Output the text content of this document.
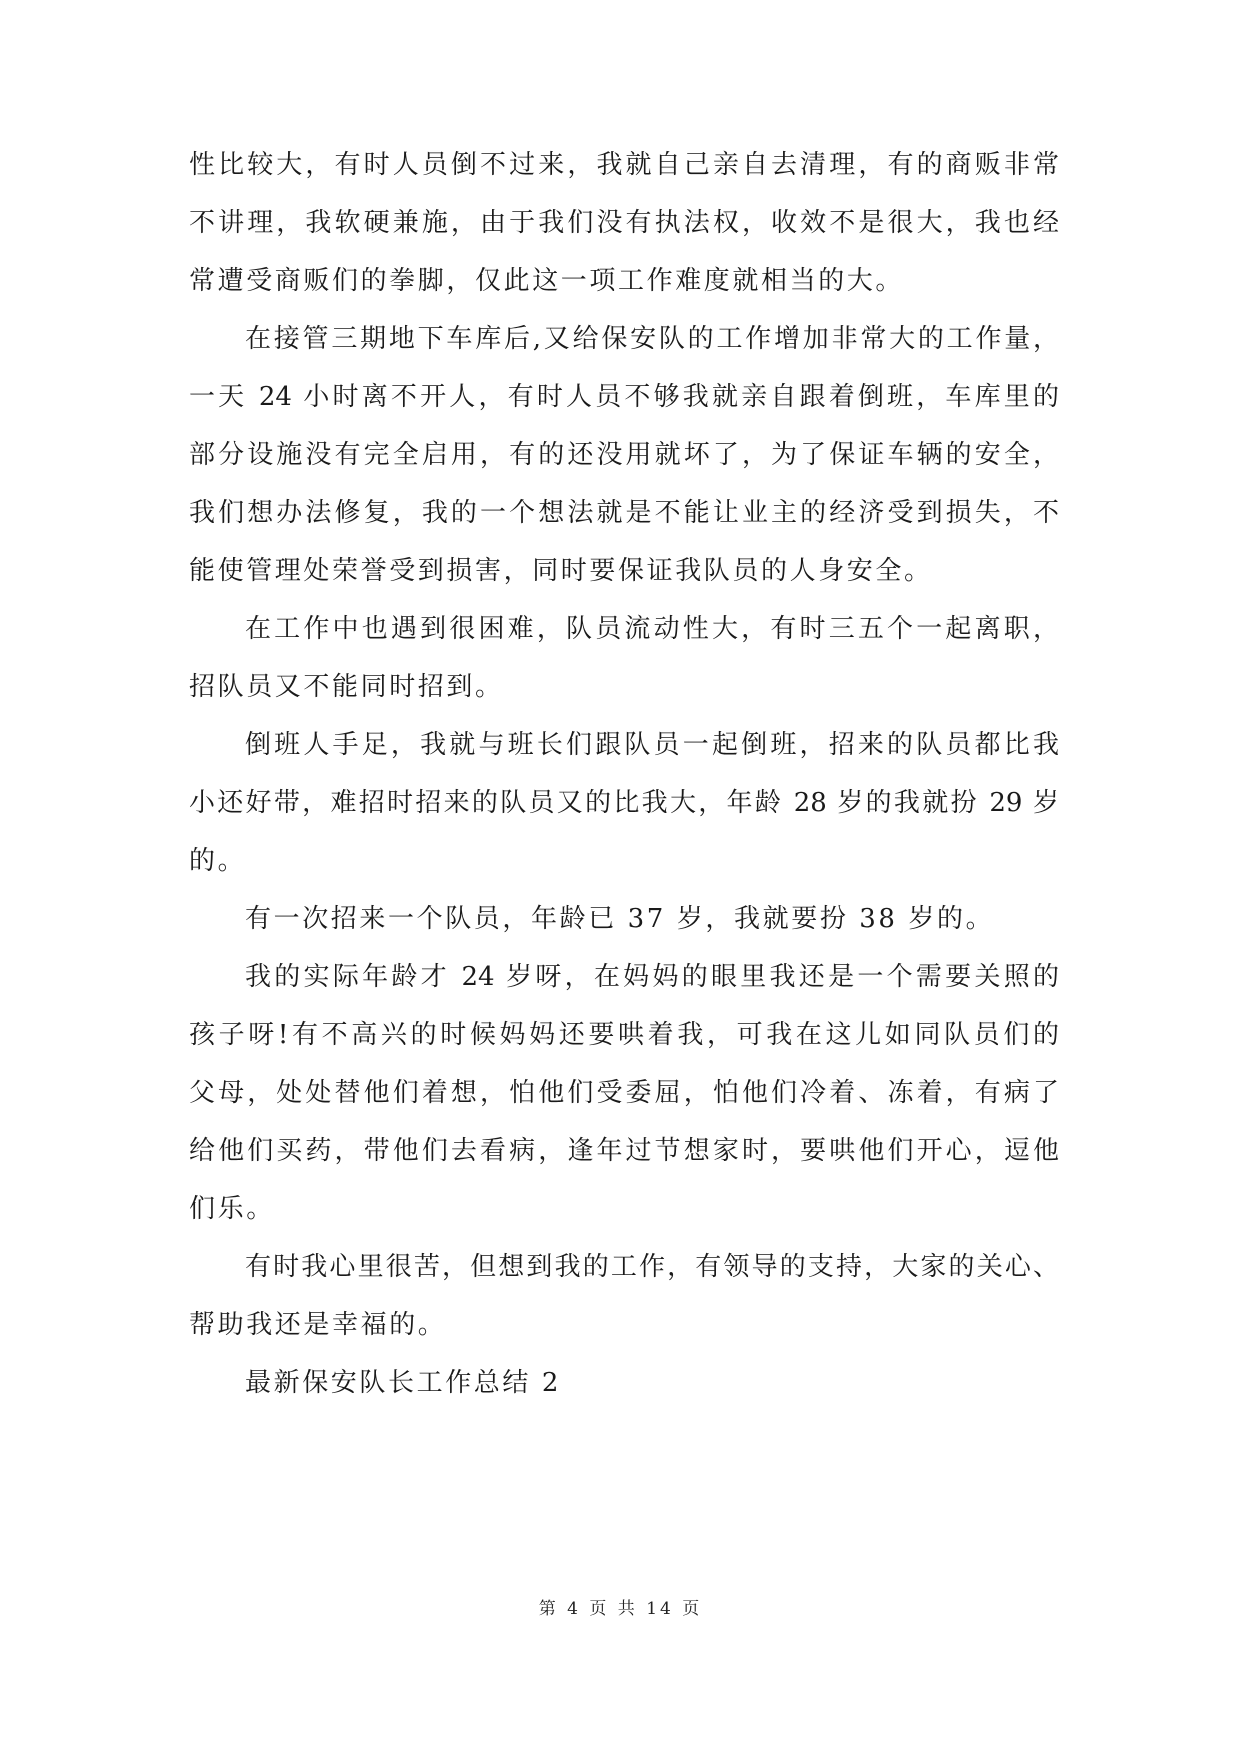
性比较大，有时人员倒不过来，我就自己亲自去清理，有的商贩非常
不讲理，我软硬兼施，由于我们没有执法权，收效不是很大，我也经
常遭受商贩们的拳脚，仅此这一项工作难度就相当的大。
在接管三期地下车库后,又给保安队的工作增加非常大的工作量，
一天 24 小时离不开人，有时人员不够我就亲自跟着倒班，车库里的
部分设施没有完全启用，有的还没用就坏了，为了保证车辆的安全，
我们想办法修复，我的一个想法就是不能让业主的经济受到损失，不
能使管理处荣誉受到损害，同时要保证我队员的人身安全。
在工作中也遇到很困难，队员流动性大，有时三五个一起离职，
招队员又不能同时招到。
倒班人手足，我就与班长们跟队员一起倒班，招来的队员都比我
小还好带，难招时招来的队员又的比我大，年龄 28 岁的我就扮 29 岁
的。
有一次招来一个队员，年龄已 37 岁，我就要扮 38 岁的。
我的实际年龄才 24 岁呀，在妈妈的眼里我还是一个需要关照的
孩子呀!有不高兴的时候妈妈还要哄着我，可我在这儿如同队员们的
父母，处处替他们着想，怕他们受委屈，怕他们冷着、冻着，有病了
给他们买药，带他们去看病，逢年过节想家时，要哄他们开心，逗他
们乐。
有时我心里很苦，但想到我的工作，有领导的支持，大家的关心、
帮助我还是幸福的。
最新保安队长工作总结 2
第 4 页 共 14 页
